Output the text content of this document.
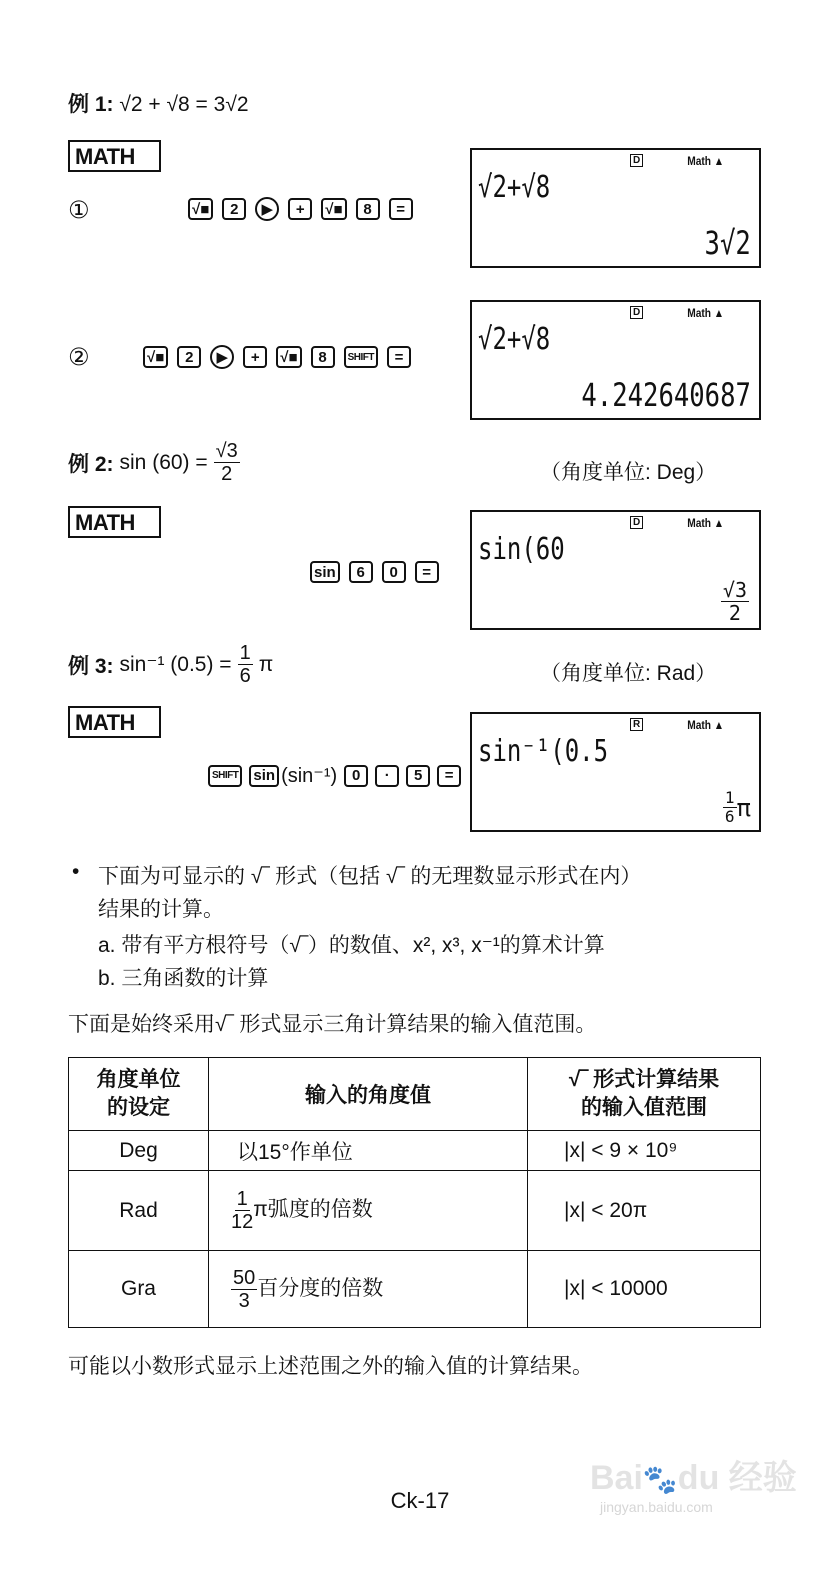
例 1: √2 + √8 = 3√2
MATH
①	√■	2	▶	+	√■	8	=
D	Math ▲
√2+√8
3√2
②	√■	2	▶	+	√■	8	SHIFT	=
D	Math ▲
√2+√8
4.242640687
例 2: $\sin (60) = \frac{√3}{2}$	（角度单位: Deg）
MATH
sin	6	0	=
D	Math ▲
sin(60
$\frac{√3}{2}$
例 3: sin⁻¹ $(0.5) = \frac{1}{6}$ π	（角度单位: Rad）
MATH
SHIFT sin (sin⁻¹) 0	·	5	=
R	Math ▲
sin⁻¹(0.5
$\frac{1}{6}$ π
• 下面为可显示的 √‾ 形式（包括 √‾ 的无理数显示形式在内）
结果的计算。
a. 带有平方根符号（√‾）的数值、x², x³, x⁻¹的算术计算
b. 三角函数的计算
下面是始终采用√‾ 形式显示三角计算结果的输入值范围。
角度单位
的设定	输入的角度值	√‾ 形式计算结果
的输入值范围
Deg	以15°作单位	|x| < 9 × 10⁹
Rad	$\frac{1}{12}$ π弧度的倍数	|x| < 20π
Gra	$\frac{50}{3}$ 百分度的倍数	|x| < 10000
可能以小数形式显示上述范围之外的输入值的计算结果。
Ck-17
Bai🐾du 经验
jingyan.baidu.com
